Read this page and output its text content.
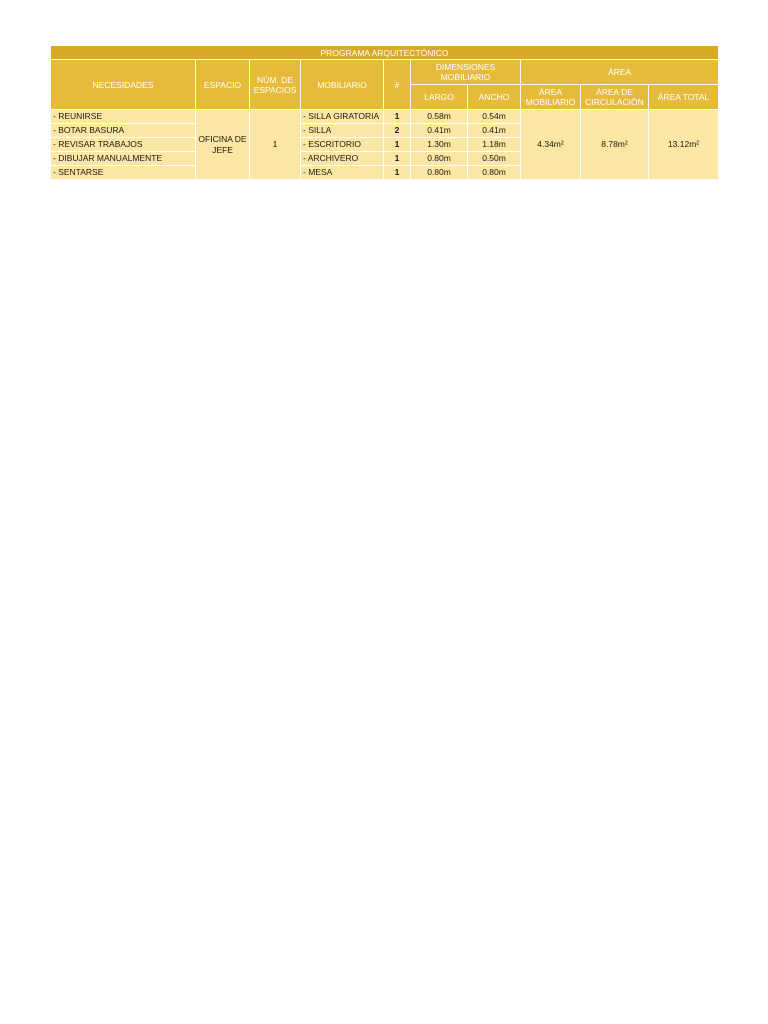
PROGRAMA ARQUITECTÓNICO									
NECESIDADES	ESPACIO	NÚM. DE ESPACIOS	MOBILIARIO	#	DIMENSIONES MOBILIARIO		ÁREA		
					LARGO	ANCHO	ÁREA MOBILIARIO	ÁREA DE CIRCULACIÓN	ÁREA TOTAL
- REUNIRSE	OFICINA DE JEFE	1	- SILLA GIRATORIA	1	0.58m	0.54m	4.34m²	8.78m²	13.12m²
- BOTAR BASURA			- SILLA	2	0.41m	0.41m			
- REVISAR TRABAJOS			- ESCRITORIO	1	1.30m	1.18m			
- DIBUJAR MANUALMENTE			- ARCHIVERO	1	0.80m	0.50m			
- SENTARSE			- MESA	1	0.80m	0.80m			
